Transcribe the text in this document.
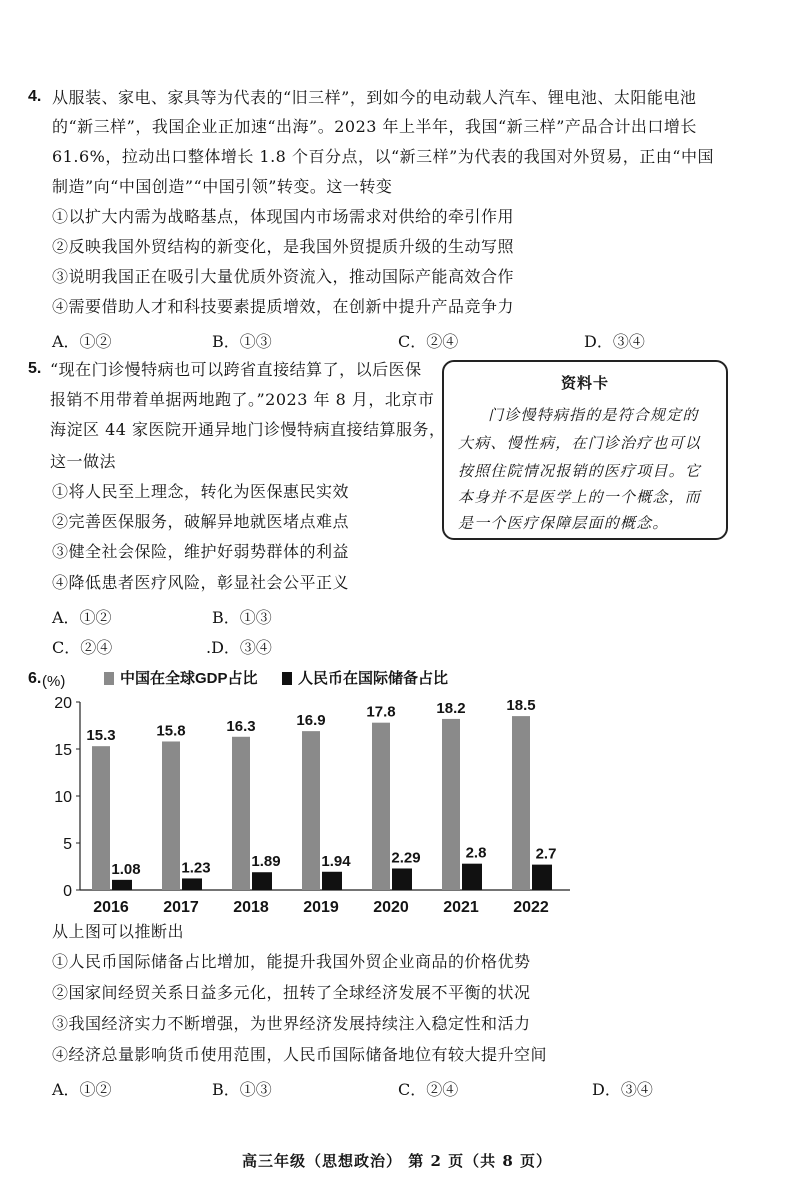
4. 从服装、家电、家具等为代表的“旧三样”，到如今的电动载人汽车、锂电池、太阳能电池
的“新三样”，我国企业正加速“出海”。2023 年上半年，我国“新三样”产品合计出口增长
61.6%，拉动出口整体增长 1.8 个百分点，以“新三样”为代表的我国对外贸易，正由“中国
制造”向“中国创造”“中国引领”转变。这一转变
①以扩大内需为战略基点，体现国内市场需求对供给的牵引作用
②反映我国外贸结构的新变化，是我国外贸提质升级的生动写照
③说明我国正在吸引大量优质外资流入，推动国际产能高效合作
④需要借助人才和科技要素提质增效，在创新中提升产品竞争力
A．①②	B．①③	C．②④	D．③④
5. “现在门诊慢特病也可以跨省直接结算了，以后医保
报销不用带着单据两地跑了。”2023 年 8 月，北京市
海淀区 44 家医院开通异地门诊慢特病直接结算服务，
这一做法
①将人民至上理念，转化为医保惠民实效
②完善医保服务，破解异地就医堵点难点
③健全社会保险，维护好弱势群体的利益
④降低患者医疗风险，彰显社会公平正义
A．①②	B．①③
C．②④	.D．③④
资料卡
门诊慢特病指的是符合规定的
大病、慢性病，在门诊治疗也可以
按照住院情况报销的医疗项目。它
本身并不是医学上的一个概念，而
是一个医疗保障层面的概念。
6. (%)	中国在全球GDP占比	人民币在国际储备占比
0
5
10
15
20
15.3
1.08
2016
15.8
1.23
2017
16.3
1.89
2018
16.9
1.94
2019
17.8
2.29
2020
18.2
2.8
2021
18.5
2.7
2022
从上图可以推断出
①人民币国际储备占比增加，能提升我国外贸企业商品的价格优势
②国家间经贸关系日益多元化，扭转了全球经济发展不平衡的状况
③我国经济实力不断增强，为世界经济发展持续注入稳定性和活力
④经济总量影响货币使用范围，人民币国际储备地位有较大提升空间
A．①②	B．①③	C．②④	D．③④
高三年级（思想政治） 第 2 页（共 8 页）
